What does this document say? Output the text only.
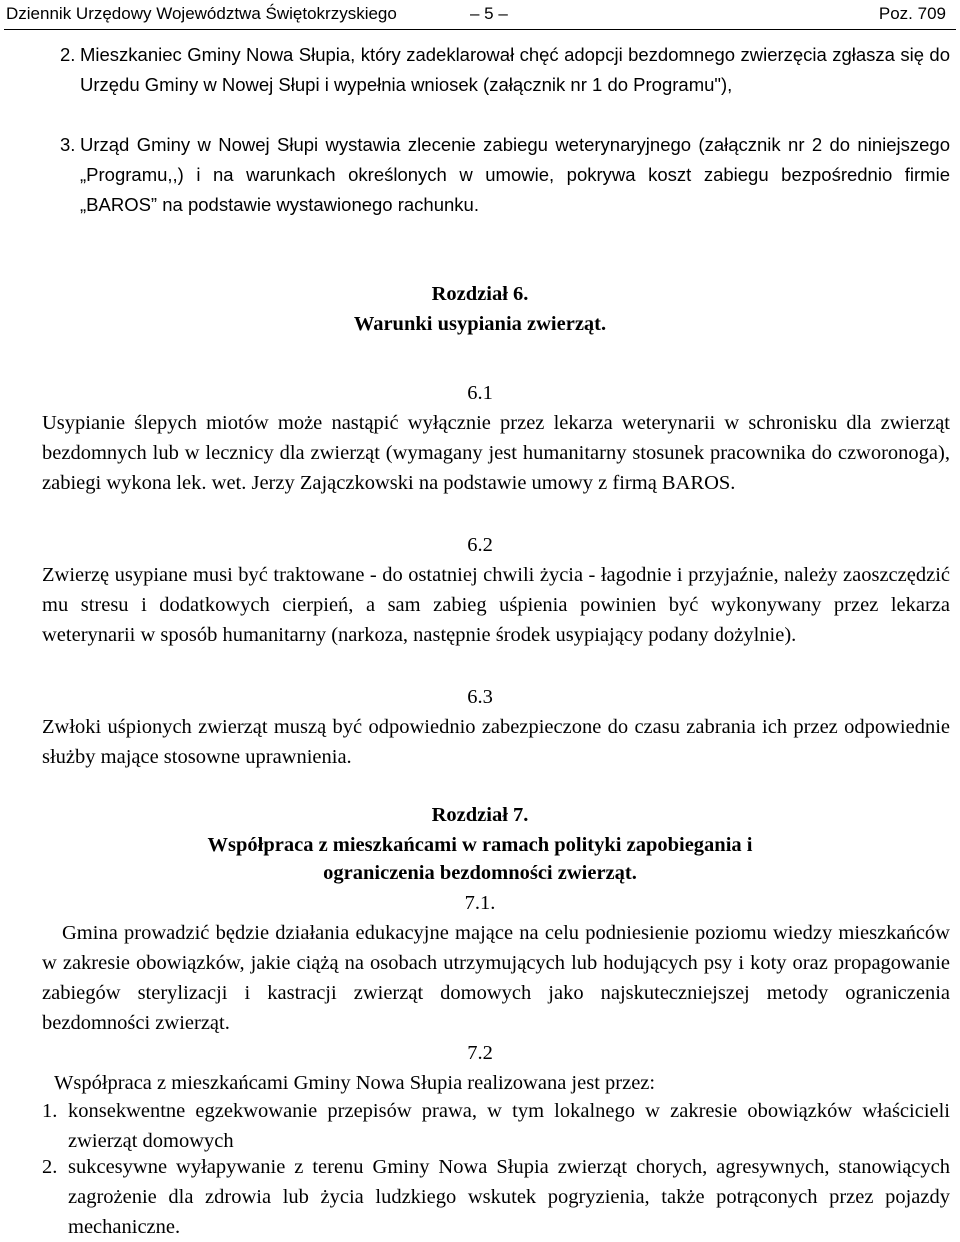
Dziennik Urzędowy Województwa Świętokrzyskiego	– 5 –	Poz. 709
2. Mieszkaniec Gminy Nowa Słupia, który zadeklarował chęć adopcji bezdomnego zwierzęcia zgłasza się do Urzędu Gminy w Nowej Słupi i wypełnia wniosek (załącznik nr 1 do Programu"),
3. Urząd Gminy w Nowej Słupi wystawia zlecenie zabiegu weterynaryjnego (załącznik nr 2 do niniejszego „Programu,,) i na warunkach określonych w umowie, pokrywa koszt zabiegu bezpośrednio firmie „BAROS” na podstawie wystawionego rachunku.
Rozdział 6.
Warunki usypiania zwierząt.
6.1
Usypianie ślepych miotów może nastąpić wyłącznie przez lekarza weterynarii w schronisku dla zwierząt bezdomnych lub w lecznicy dla zwierząt (wymagany jest humanitarny stosunek pracownika do czworonoga), zabiegi wykona lek. wet. Jerzy Zajączkowski na podstawie umowy z firmą BAROS.
6.2
Zwierzę usypiane musi być traktowane - do ostatniej chwili życia - łagodnie i przyjaźnie, należy zaoszczędzić mu stresu i dodatkowych cierpień, a sam zabieg uśpienia powinien być wykonywany przez lekarza weterynarii w sposób humanitarny (narkoza, następnie środek usypiający podany dożylnie).
6.3
Zwłoki uśpionych zwierząt muszą być odpowiednio zabezpieczone do czasu zabrania ich przez odpowiednie służby mające stosowne uprawnienia.
Rozdział 7.
Współpraca z mieszkańcami w ramach polityki zapobiegania i
ograniczenia bezdomności zwierząt.
7.1.
Gmina prowadzić będzie działania edukacyjne mające na celu podniesienie poziomu wiedzy mieszkańców w zakresie obowiązków, jakie ciążą na osobach utrzymujących lub hodujących psy i koty oraz propagowanie zabiegów sterylizacji i kastracji zwierząt domowych jako najskuteczniejszej metody ograniczenia bezdomności zwierząt.
7.2
Współpraca z mieszkańcami Gminy Nowa Słupia realizowana jest przez:
1. konsekwentne egzekwowanie przepisów prawa, w tym lokalnego w zakresie obowiązków właścicieli zwierząt domowych
2. sukcesywne wyłapywanie z terenu Gminy Nowa Słupia zwierząt chorych, agresywnych, stanowiących zagrożenie dla zdrowia lub życia ludzkiego wskutek pogryzienia, także potrąconych przez pojazdy mechaniczne.
